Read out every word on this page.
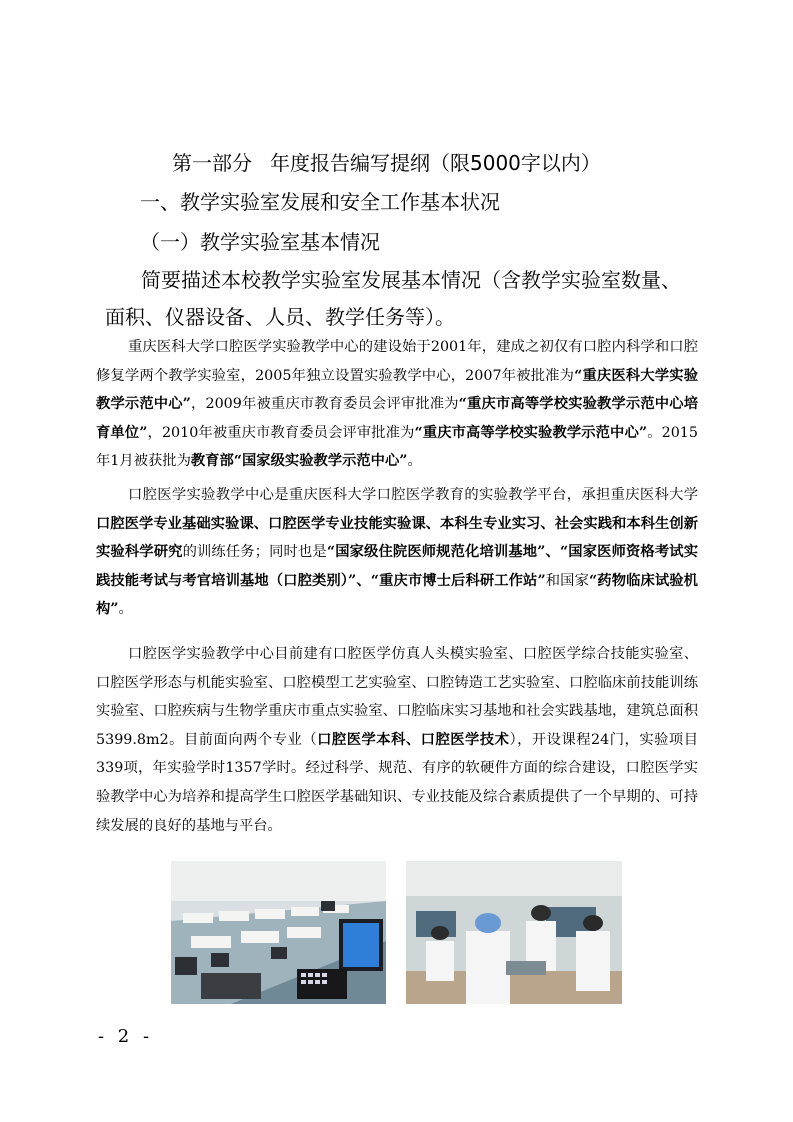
第一部分 年度报告编写提纲（限5000字以内）
一、教学实验室发展和安全工作基本状况
（一）教学实验室基本情况
简要描述本校教学实验室发展基本情况（含教学实验室数量、面积、仪器设备、人员、教学任务等）。
重庆医科大学口腔医学实验教学中心的建设始于2001年，建成之初仅有口腔内科学和口腔修复学两个教学实验室，2005年独立设置实验教学中心，2007年被批准为“重庆医科大学实验教学示范中心”，2009年被重庆市教育委员会评审批准为“重庆市高等学校实验教学示范中心培育单位”，2010年被重庆市教育委员会评审批准为“重庆市高等学校实验教学示范中心”。2015年1月被获批为教育部“国家级实验教学示范中心”。
口腔医学实验教学中心是重庆医科大学口腔医学教育的实验教学平台，承担重庆医科大学口腔医学专业基础实验课、口腔医学专业技能实验课、本科生专业实习、社会实践和本科生创新实验科学研究的训练任务；同时也是“国家级住院医师规范化培训基地”、“国家医师资格考试实践技能考试与考官培训基地（口腔类别）”、“重庆市博士后科研工作站”和国家“药物临床试验机构”。
口腔医学实验教学中心目前建有口腔医学仿真人头模实验室、口腔医学综合技能实验室、口腔医学形态与机能实验室、口腔模型工艺实验室、口腔铸造工艺实验室、口腔临床前技能训练实验室、口腔疾病与生物学重庆市重点实验室、口腔临床实习基地和社会实践基地，建筑总面积5399.8m2。目前面向两个专业（口腔医学本科、口腔医学技术），开设课程24门，实验项目339项，年实验学时1357学时。经过科学、规范、有序的软硬件方面的综合建设，口腔医学实验教学中心为培养和提高学生口腔医学基础知识、专业技能及综合素质提供了一个早期的、可持续发展的良好的基地与平台。
- 2 -
